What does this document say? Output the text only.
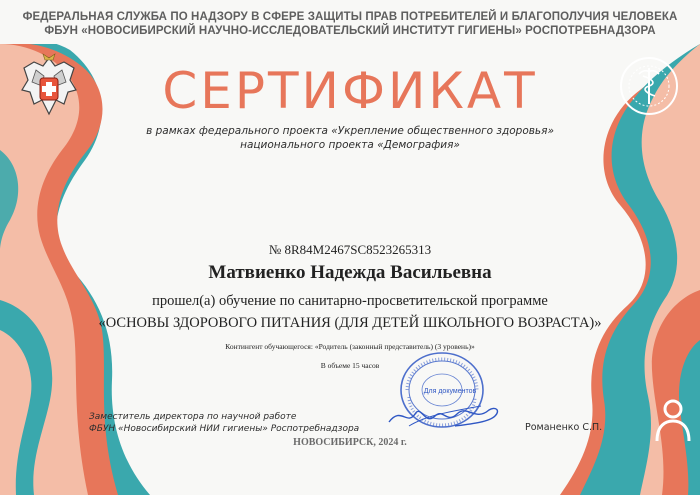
ФЕДЕРАЛЬНАЯ СЛУЖБА ПО НАДЗОРУ В СФЕРЕ ЗАЩИТЫ ПРАВ ПОТРЕБИТЕЛЕЙ И БЛАГОПОЛУЧИЯ ЧЕЛОВЕКА
ФБУН «НОВОСИБИРСКИЙ НАУЧНО-ИССЛЕДОВАТЕЛЬСКИЙ ИНСТИТУТ ГИГИЕНЫ» РОСПОТРЕБНАДЗОРА
СЕРТИФИКАТ
в рамках федерального проекта «Укрепление общественного здоровья»
национального проекта «Демография»
№ 8R84M2467SC8523265313
Матвиенко Надежда Васильевна
прошел(а) обучение по санитарно-просветительской программе
«ОСНОВЫ ЗДОРОВОГО ПИТАНИЯ (ДЛЯ ДЕТЕЙ ШКОЛЬНОГО ВОЗРАСТА)»
Контингент обучающегося: «Родитель (законный представитель) (3 уровень)»
В объеме 15 часов
Для документов
Заместитель директора по научной работе
ФБУН «Новосибирский НИИ гигиены» Роспотребнадзора	Романенко С.П.
НОВОСИБИРСК, 2024 г.
